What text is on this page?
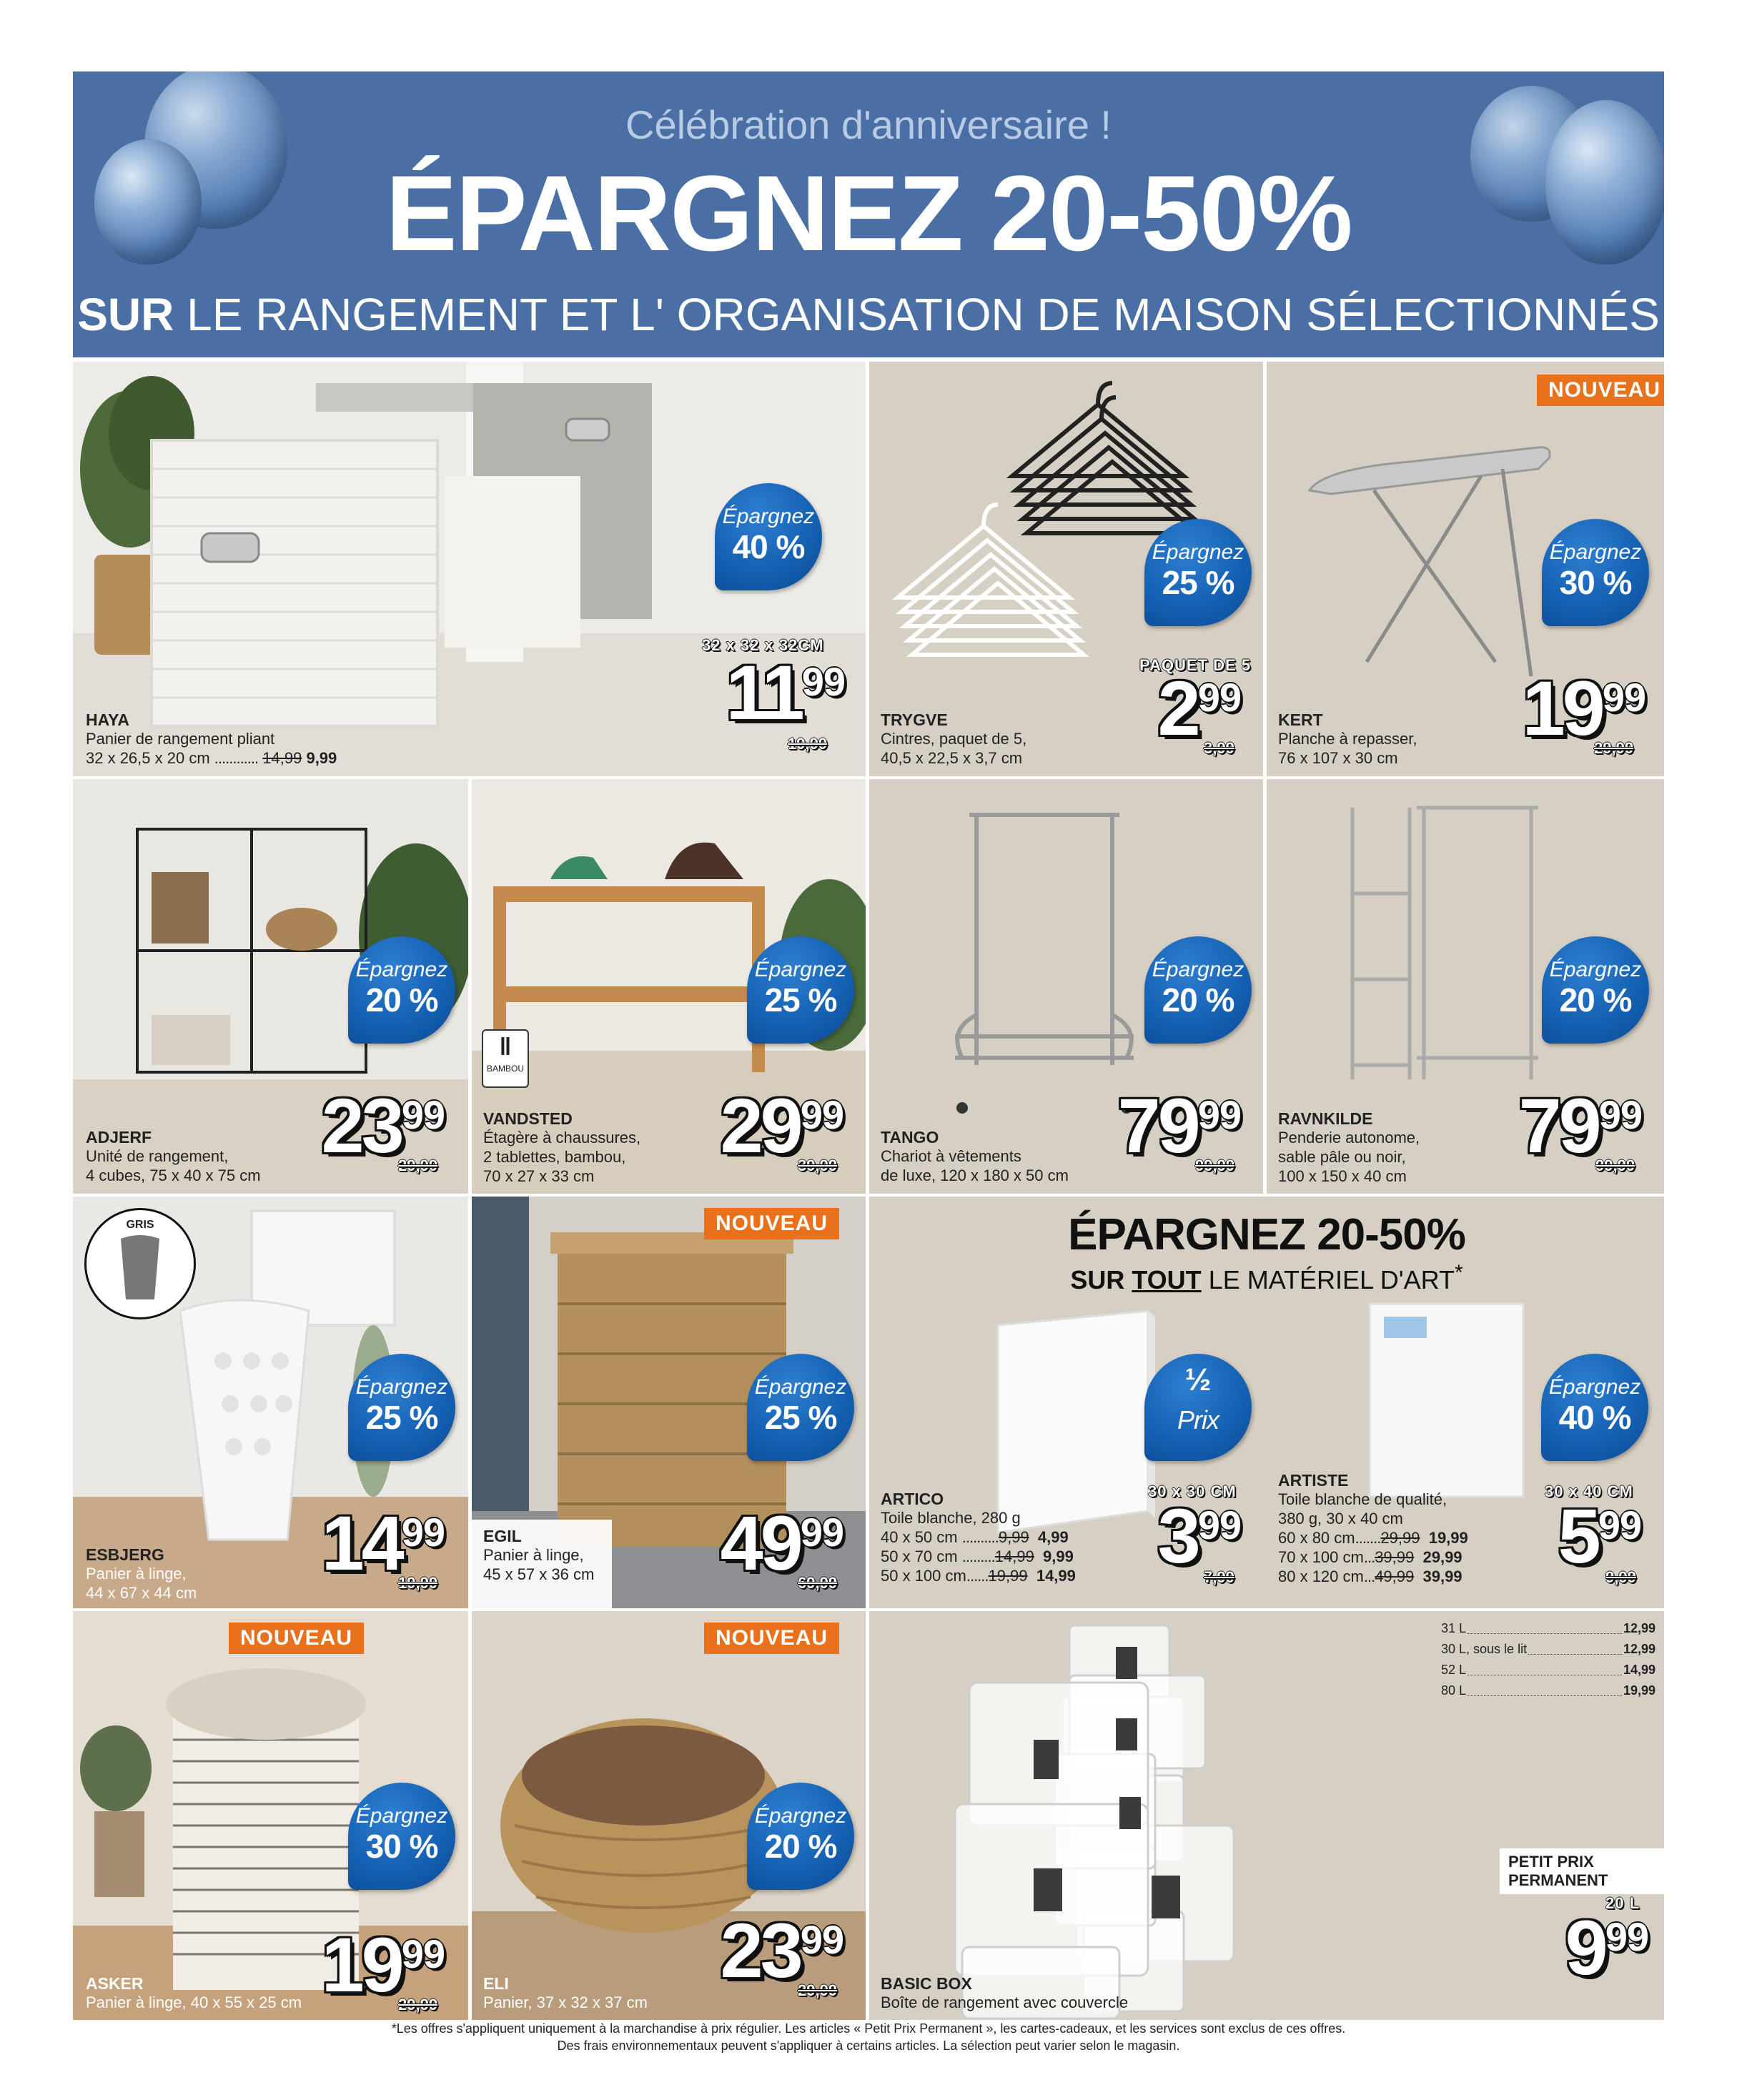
Célébration d'anniversaire !
ÉPARGNEZ 20-50%
SUR LE RANGEMENT ET L' ORGANISATION DE MAISON SÉLECTIONNÉS
HAYA
Panier de rangement pliant
32 x 26,5 x 20 cm ............ 14,99 9,99
Épargnez
40 %
32 x 32 x 32CM
1199
19,99
TRYGVE
Cintres, paquet de 5,
40,5 x 22,5 x 3,7 cm
Épargnez
25 %
PAQUET DE 5
299
3,99
NOUVEAU
KERT
Planche à repasser,
76 x 107 x 30 cm
Épargnez
30 %
1999
29,99
ADJERF
Unité de rangement,
4 cubes, 75 x 40 x 75 cm
Épargnez
20 %
2399
29,99
ǁ
BAMBOU
VANDSTED
Étagère à chaussures,
2 tablettes, bambou,
70 x 27 x 33 cm
Épargnez
25 %
2999
39,99
TANGO
Chariot à vêtements
de luxe, 120 x 180 x 50 cm
Épargnez
20 %
7999
99,99
RAVNKILDE
Penderie autonome,
sable pâle ou noir,
100 x 150 x 40 cm
Épargnez
20 %
7999
99,99
GRIS
ESBJERG
Panier à linge,
44 x 67 x 44 cm
Épargnez
25 %
1499
19,99
NOUVEAU
EGIL
Panier à linge,
45 x 57 x 36 cm
Épargnez
25 %
4999
69,99
ÉPARGNEZ 20-50%
SUR TOUT LE MATÉRIEL D'ART*
½
Prix
ARTICO
Toile blanche, 280 g
40 x 50 cm ..........9,99 4,99
50 x 70 cm .........14,99 9,99
50 x 100 cm......19,99 14,99
30 x 30 CM
399
7,99
Épargnez
40 %
ARTISTE
Toile blanche de qualité,
380 g, 30 x 40 cm
60 x 80 cm.......29,99 19,99
70 x 100 cm...39,99 29,99
80 x 120 cm...49,99 39,99
30 x 40 CM
599
9,99
NOUVEAU
ASKER
Panier à linge, 40 x 55 x 25 cm
Épargnez
30 %
1999
29,99
NOUVEAU
ELI
Panier, 37 x 32 x 37 cm
Épargnez
20 %
2399
29,99
31 L	12,99
30 L, sous le lit	12,99
52 L	14,99
80 L	19,99
PETIT PRIX PERMANENT
20 L
999
BASIC BOX
Boîte de rangement avec couvercle
*Les offres s'appliquent uniquement à la marchandise à prix régulier. Les articles « Petit Prix Permanent », les cartes-cadeaux, et les services sont exclus de ces offres.
Des frais environnementaux peuvent s'appliquer à certains articles. La sélection peut varier selon le magasin.
